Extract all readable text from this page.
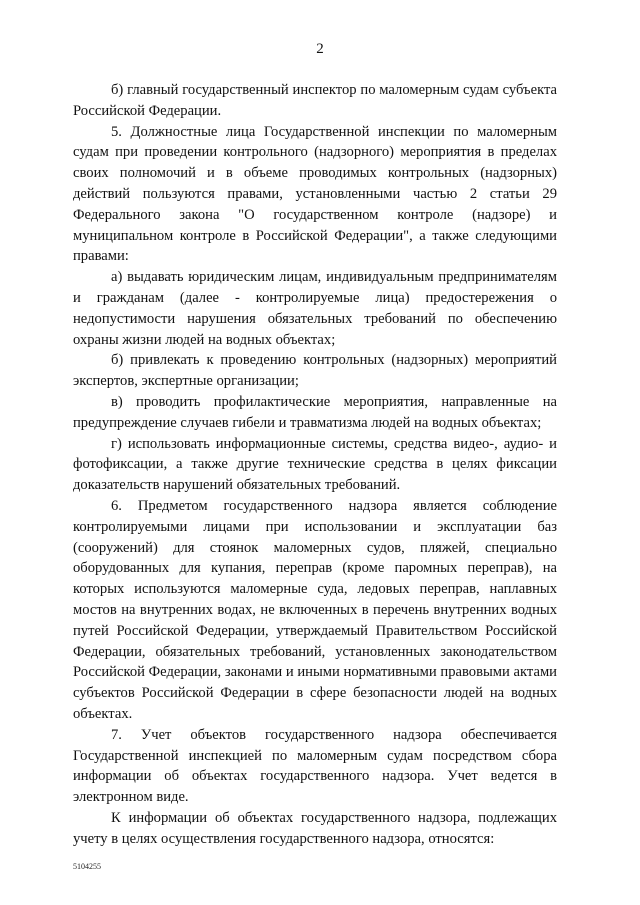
2

б) главный государственный инспектор по маломерным судам субъекта Российской Федерации.

5. Должностные лица Государственной инспекции по маломерным судам при проведении контрольного (надзорного) мероприятия в пределах своих полномочий и в объеме проводимых контрольных (надзорных) действий пользуются правами, установленными частью 2 статьи 29 Федерального закона "О государственном контроле (надзоре) и муниципальном контроле в Российской Федерации", а также следующими правами:

а) выдавать юридическим лицам, индивидуальным предпринимателям и гражданам (далее - контролируемые лица) предостережения о недопустимости нарушения обязательных требований по обеспечению охраны жизни людей на водных объектах;

б) привлекать к проведению контрольных (надзорных) мероприятий экспертов, экспертные организации;

в) проводить профилактические мероприятия, направленные на предупреждение случаев гибели и травматизма людей на водных объектах;

г) использовать информационные системы, средства видео-, аудио- и фотофиксации, а также другие технические средства в целях фиксации доказательств нарушений обязательных требований.

6. Предметом государственного надзора является соблюдение контролируемыми лицами при использовании и эксплуатации баз (сооружений) для стоянок маломерных судов, пляжей, специально оборудованных для купания, переправ (кроме паромных переправ), на которых используются маломерные суда, ледовых переправ, наплавных мостов на внутренних водах, не включенных в перечень внутренних водных путей Российской Федерации, утверждаемый Правительством Российской Федерации, обязательных требований, установленных законодательством Российской Федерации, законами и иными нормативными правовыми актами субъектов Российской Федерации в сфере безопасности людей на водных объектах.

7. Учет объектов государственного надзора обеспечивается Государственной инспекцией по маломерным судам посредством сбора информации об объектах государственного надзора. Учет ведется в электронном виде.

К информации об объектах государственного надзора, подлежащих учету в целях осуществления государственного надзора, относятся:

5104255
